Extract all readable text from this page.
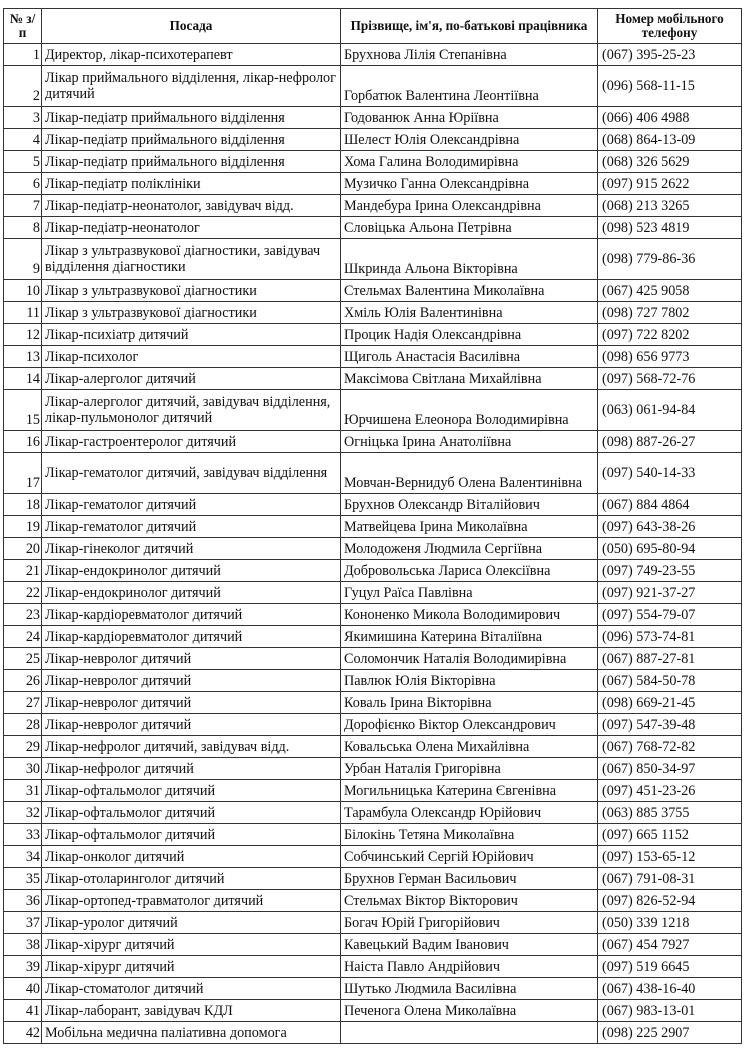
№ з/п	Посада	Прізвище, ім'я, по-батькові працівника	Номер мобільного телефону
1	Директор, лікар-психотерапевт	Брухнова Лілія Степанівна	(067) 395-25-23
2	Лікар приймального відділення, лікар-нефролог дитячий	Горбатюк Валентина Леонтіївна	(096) 568-11-15
3	Лікар-педіатр приймального відділення	Годованюк Анна Юріївна	(066) 406 4988
4	Лікар-педіатр приймального відділення	Шелест Юлія Олександрівна	(068) 864-13-09
5	Лікар-педіатр приймального відділення	Хома Галина Володимирівна	(068) 326 5629
6	Лікар-педіатр поліклініки	Музичко Ганна Олександрівна	(097) 915 2622
7	Лікар-педіатр-неонатолог, завідувач відд.	Мандебура Ірина Олександрівна	(068) 213 3265
8	Лікар-педіатр-неонатолог	Словіцька Альона Петрівна	(098) 523 4819
9	Лікар з ультразвукової діагностики, завідувач відділення діагностики	Шкринда Альона Вікторівна	(098) 779-86-36
10	Лікар з ультразвукової діагностики	Стельмах Валентина Миколаївна	(067) 425 9058
11	Лікар з ультразвукової діагностики	Хміль Юлія Валентинівна	(098) 727 7802
12	Лікар-психіатр дитячий	Процик Надія Олександрівна	(097) 722 8202
13	Лікар-психолог	Щиголь Анастасія Василівна	(098) 656 9773
14	Лікар-алерголог дитячий	Максімова Світлана Михайлівна	(097) 568-72-76
15	Лікар-алерголог дитячий, завідувач відділення, лікар-пульмонолог дитячий	Юрчишена Елеонора Володимирівна	(063) 061-94-84
16	Лікар-гастроентеролог дитячий	Огніцька Ірина Анатоліївна	(098) 887-26-27
17	Лікар-гематолог дитячий, завідувач відділення	Мовчан-Вернидуб Олена Валентинівна	(097) 540-14-33
18	Лікар-гематолог дитячий	Брухнов Олександр Віталійович	(067) 884 4864
19	Лікар-гематолог дитячий	Матвейцева Ірина Миколаївна	(097) 643-38-26
20	Лікар-гінеколог дитячий	Молодоженя Людмила Сергіївна	(050) 695-80-94
21	Лікар-ендокринолог дитячий	Добровольська Лариса Олексіївна	(097) 749-23-55
22	Лікар-ендокринолог дитячий	Гуцул Раїса Павлівна	(097) 921-37-27
23	Лікар-кардіоревматолог дитячий	Кононенко Микола Володимирович	(097) 554-79-07
24	Лікар-кардіоревматолог дитячий	Якимишина Катерина Віталіївна	(096) 573-74-81
25	Лікар-невролог дитячий	Соломончик Наталія Володимирівна	(067) 887-27-81
26	Лікар-невролог дитячий	Павлюк Юлія Вікторівна	(067) 584-50-78
27	Лікар-невролог дитячий	Коваль Ірина Вікторівна	(098) 669-21-45
28	Лікар-невролог дитячий	Дорофієнко Віктор Олександрович	(097) 547-39-48
29	Лікар-нефролог дитячий, завідувач відд.	Ковальська Олена Михайлівна	(067) 768-72-82
30	Лікар-нефролог дитячий	Урбан Наталія Григорівна	(067) 850-34-97
31	Лікар-офтальмолог дитячий	Могильницька Катерина Євгенівна	(097) 451-23-26
32	Лікар-офтальмолог дитячий	Тарамбула Олександр Юрійович	(063) 885 3755
33	Лікар-офтальмолог дитячий	Білокінь Тетяна Миколаївна	(097) 665 1152
34	Лікар-онколог дитячий	Собчинський Сергій Юрійович	(097) 153-65-12
35	Лікар-отоларинголог дитячий	Брухнов Герман Васильович	(067) 791-08-31
36	Лікар-ортопед-травматолог дитячий	Стельмах Віктор Вікторович	(097) 826-52-94
37	Лікар-уролог дитячий	Богач Юрій Григорійович	(050) 339 1218
38	Лікар-хірург дитячий	Кавецький Вадим Іванович	(067) 454 7927
39	Лікар-хірург дитячий	Наіста Павло Андрійович	(097) 519 6645
40	Лікар-стоматолог дитячий	Шутько Людмила Василівна	(067) 438-16-40
41	Лікар-лаборант, завідувач КДЛ	Печенога Олена Миколаївна	(067) 983-13-01
42	Мобільна медична паліативна допомога		(098) 225 2907
